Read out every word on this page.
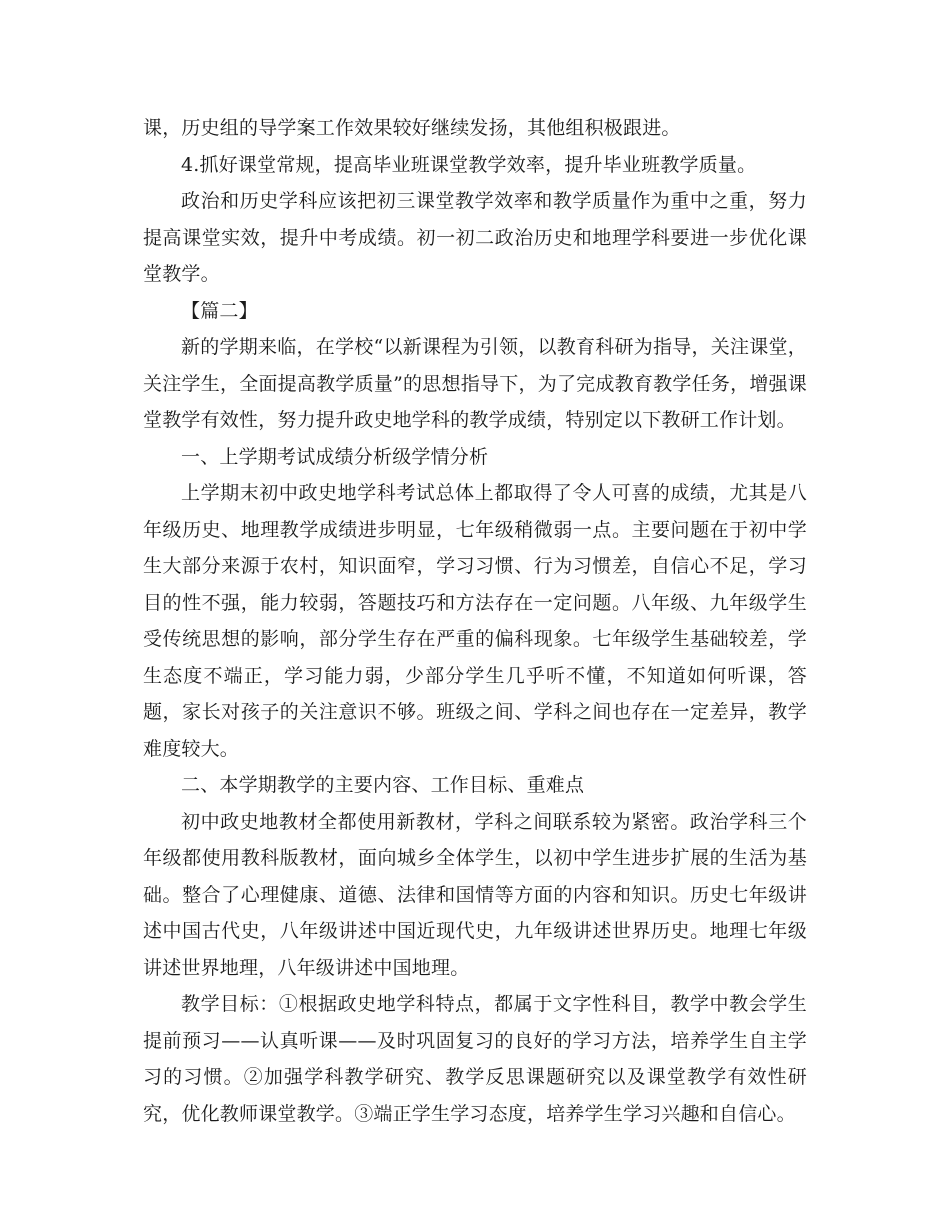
课，历史组的导学案工作效果较好继续发扬，其他组积极跟进。

4.抓好课堂常规，提高毕业班课堂教学效率，提升毕业班教学质量。

政治和历史学科应该把初三课堂教学效率和教学质量作为重中之重，努力提高课堂实效，提升中考成绩。初一初二政治历史和地理学科要进一步优化课堂教学。

【篇二】

新的学期来临，在学校“以新课程为引领，以教育科研为指导，关注课堂，关注学生，全面提高教学质量”的思想指导下，为了完成教育教学任务，增强课堂教学有效性，努力提升政史地学科的教学成绩，特别定以下教研工作计划。

一、上学期考试成绩分析级学情分析

上学期末初中政史地学科考试总体上都取得了令人可喜的成绩，尤其是八年级历史、地理教学成绩进步明显，七年级稍微弱一点。主要问题在于初中学生大部分来源于农村，知识面窄，学习习惯、行为习惯差，自信心不足，学习目的性不强，能力较弱，答题技巧和方法存在一定问题。八年级、九年级学生受传统思想的影响，部分学生存在严重的偏科现象。七年级学生基础较差，学生态度不端正，学习能力弱，少部分学生几乎听不懂，不知道如何听课，答题，家长对孩子的关注意识不够。班级之间、学科之间也存在一定差异，教学难度较大。

二、本学期教学的主要内容、工作目标、重难点

初中政史地教材全都使用新教材，学科之间联系较为紧密。政治学科三个年级都使用教科版教材，面向城乡全体学生，以初中学生进步扩展的生活为基础。整合了心理健康、道德、法律和国情等方面的内容和知识。历史七年级讲述中国古代史，八年级讲述中国近现代史，九年级讲述世界历史。地理七年级讲述世界地理，八年级讲述中国地理。

教学目标：①根据政史地学科特点，都属于文字性科目，教学中教会学生提前预习——认真听课——及时巩固复习的良好的学习方法，培养学生自主学习的习惯。②加强学科教学研究、教学反思课题研究以及课堂教学有效性研究，优化教师课堂教学。③端正学生学习态度，培养学生学习兴趣和自信心。
